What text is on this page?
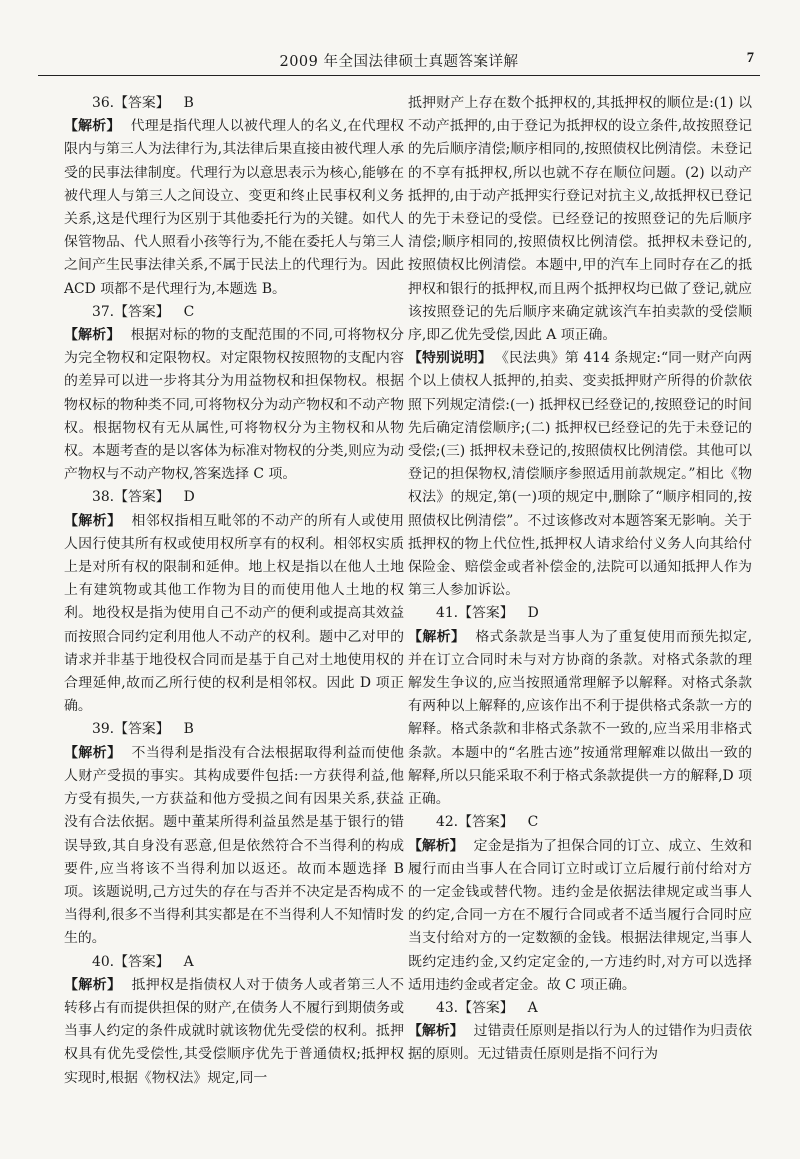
2009 年全国法律硕士真题答案详解	7

36.【答案】 B

【解析】 代理是指代理人以被代理人的名义,在代理权限内与第三人为法律行为,其法律后果直接由被代理人承受的民事法律制度。代理行为以意思表示为核心,能够在被代理人与第三人之间设立、变更和终止民事权利义务关系,这是代理行为区别于其他委托行为的关键。如代人保管物品、代人照看小孩等行为,不能在委托人与第三人之间产生民事法律关系,不属于民法上的代理行为。因此 ACD 项都不是代理行为,本题选 B。

37.【答案】 C

【解析】 根据对标的物的支配范围的不同,可将物权分为完全物权和定限物权。对定限物权按照物的支配内容的差异可以进一步将其分为用益物权和担保物权。根据物权标的物种类不同,可将物权分为动产物权和不动产物权。根据物权有无从属性,可将物权分为主物权和从物权。本题考查的是以客体为标准对物权的分类,则应为动产物权与不动产物权,答案选择 C 项。

38.【答案】 D

【解析】 相邻权指相互毗邻的不动产的所有人或使用人因行使其所有权或使用权所享有的权利。相邻权实质上是对所有权的限制和延伸。地上权是指以在他人土地上有建筑物或其他工作物为目的而使用他人土地的权利。地役权是指为使用自己不动产的便利或提高其效益而按照合同约定利用他人不动产的权利。题中乙对甲的请求并非基于地役权合同而是基于自己对土地使用权的合理延伸,故而乙所行使的权利是相邻权。因此 D 项正确。

39.【答案】 B

【解析】 不当得利是指没有合法根据取得利益而使他人财产受损的事实。其构成要件包括:一方获得利益,他方受有损失,一方获益和他方受损之间有因果关系,获益没有合法依据。题中董某所得利益虽然是基于银行的错误导致,其自身没有恶意,但是依然符合不当得利的构成要件,应当将该不当得利加以返还。故而本题选择 B 项。该题说明,己方过失的存在与否并不决定是否构成不当得利,很多不当得利其实都是在不当得利人不知情时发生的。

40.【答案】 A

【解析】 抵押权是指债权人对于债务人或者第三人不转移占有而提供担保的财产,在债务人不履行到期债务或当事人约定的条件成就时就该物优先受偿的权利。抵押权具有优先受偿性,其受偿顺序优先于普通债权;抵押权实现时,根据《物权法》规定,同一

抵押财产上存在数个抵押权的,其抵押权的顺位是:(1) 以不动产抵押的,由于登记为抵押权的设立条件,故按照登记的先后顺序清偿;顺序相同的,按照债权比例清偿。未登记的不享有抵押权,所以也就不存在顺位问题。(2) 以动产抵押的,由于动产抵押实行登记对抗主义,故抵押权已登记的先于未登记的受偿。已经登记的按照登记的先后顺序清偿;顺序相同的,按照债权比例清偿。抵押权未登记的,按照债权比例清偿。本题中,甲的汽车上同时存在乙的抵押权和银行的抵押权,而且两个抵押权均已做了登记,就应该按照登记的先后顺序来确定就该汽车拍卖款的受偿顺序,即乙优先受偿,因此 A 项正确。

【特别说明】 《民法典》第 414 条规定:“同一财产向两个以上债权人抵押的,拍卖、变卖抵押财产所得的价款依照下列规定清偿:(一) 抵押权已经登记的,按照登记的时间先后确定清偿顺序;(二) 抵押权已经登记的先于未登记的受偿;(三) 抵押权未登记的,按照债权比例清偿。其他可以登记的担保物权,清偿顺序参照适用前款规定。”相比《物权法》的规定,第(一)项的规定中,删除了“顺序相同的,按照债权比例清偿”。不过该修改对本题答案无影响。关于抵押权的物上代位性,抵押权人请求给付义务人向其给付保险金、赔偿金或者补偿金的,法院可以通知抵押人作为第三人参加诉讼。

41.【答案】 D

【解析】 格式条款是当事人为了重复使用而预先拟定,并在订立合同时未与对方协商的条款。对格式条款的理解发生争议的,应当按照通常理解予以解释。对格式条款有两种以上解释的,应该作出不利于提供格式条款一方的解释。格式条款和非格式条款不一致的,应当采用非格式条款。本题中的“名胜古迹”按通常理解难以做出一致的解释,所以只能采取不利于格式条款提供一方的解释,D 项正确。

42.【答案】 C

【解析】 定金是指为了担保合同的订立、成立、生效和履行而由当事人在合同订立时或订立后履行前付给对方的一定金钱或替代物。违约金是依据法律规定或当事人的约定,合同一方在不履行合同或者不适当履行合同时应当支付给对方的一定数额的金钱。根据法律规定,当事人既约定违约金,又约定定金的,一方违约时,对方可以选择适用违约金或者定金。故 C 项正确。

43.【答案】 A

【解析】 过错责任原则是指以行为人的过错作为归责依据的原则。无过错责任原则是指不问行为
